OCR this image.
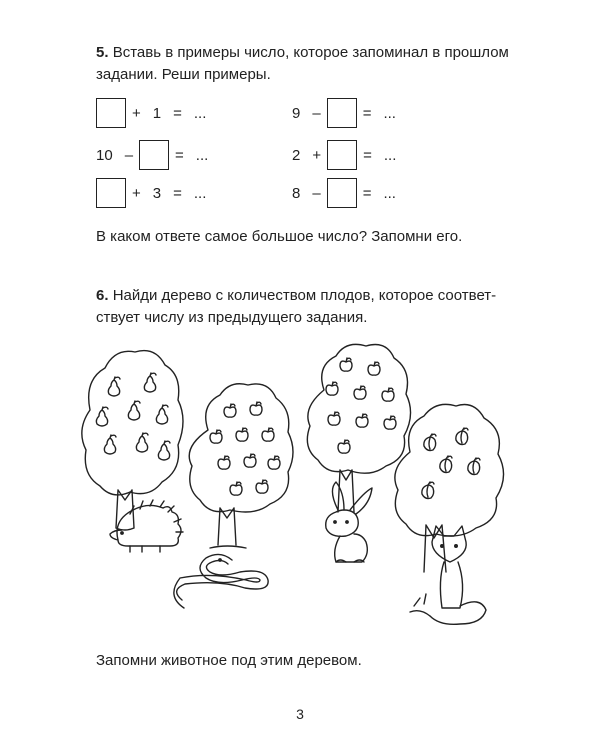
5. Вставь в примеры число, которое запоминал в прошлом
задании. Реши примеры.

+ 1 = ...
10 –	= ...
+ 3 = ...
9 –	= ...
2 +	= ...
8 –	= ...

В каком ответе самое большое число? Запомни его.

6. Найди дерево с количеством плодов, которое соответ-
ствует числу из предыдущего задания.

Запомни животное под этим деревом.

3
